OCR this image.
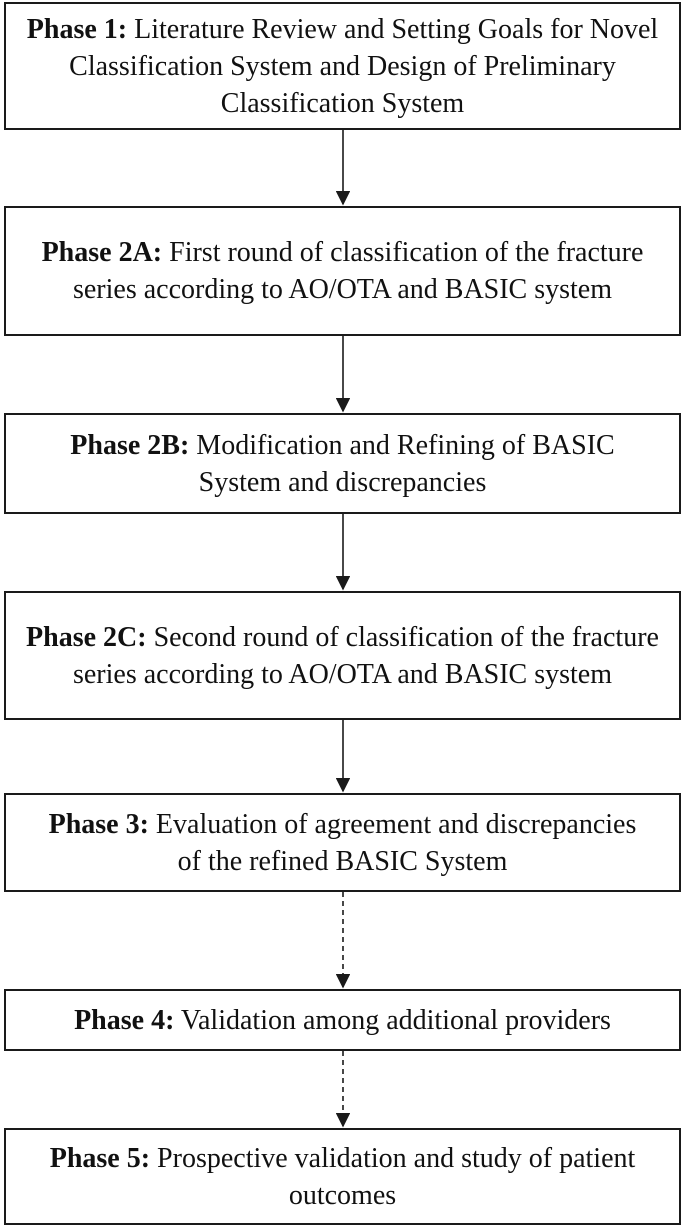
Phase 1: Literature Review and Setting Goals for Novel Classification System and Design of Preliminary Classification System
Phase 2A: First round of classification of the fracture series according to AO/OTA and BASIC system
Phase 2B: Modification and Refining of BASIC System and discrepancies
Phase 2C: Second round of classification of the fracture series according to AO/OTA and BASIC system
Phase 3: Evaluation of agreement and discrepancies of the refined BASIC System
Phase 4: Validation among additional providers
Phase 5: Prospective validation and study of patient outcomes
